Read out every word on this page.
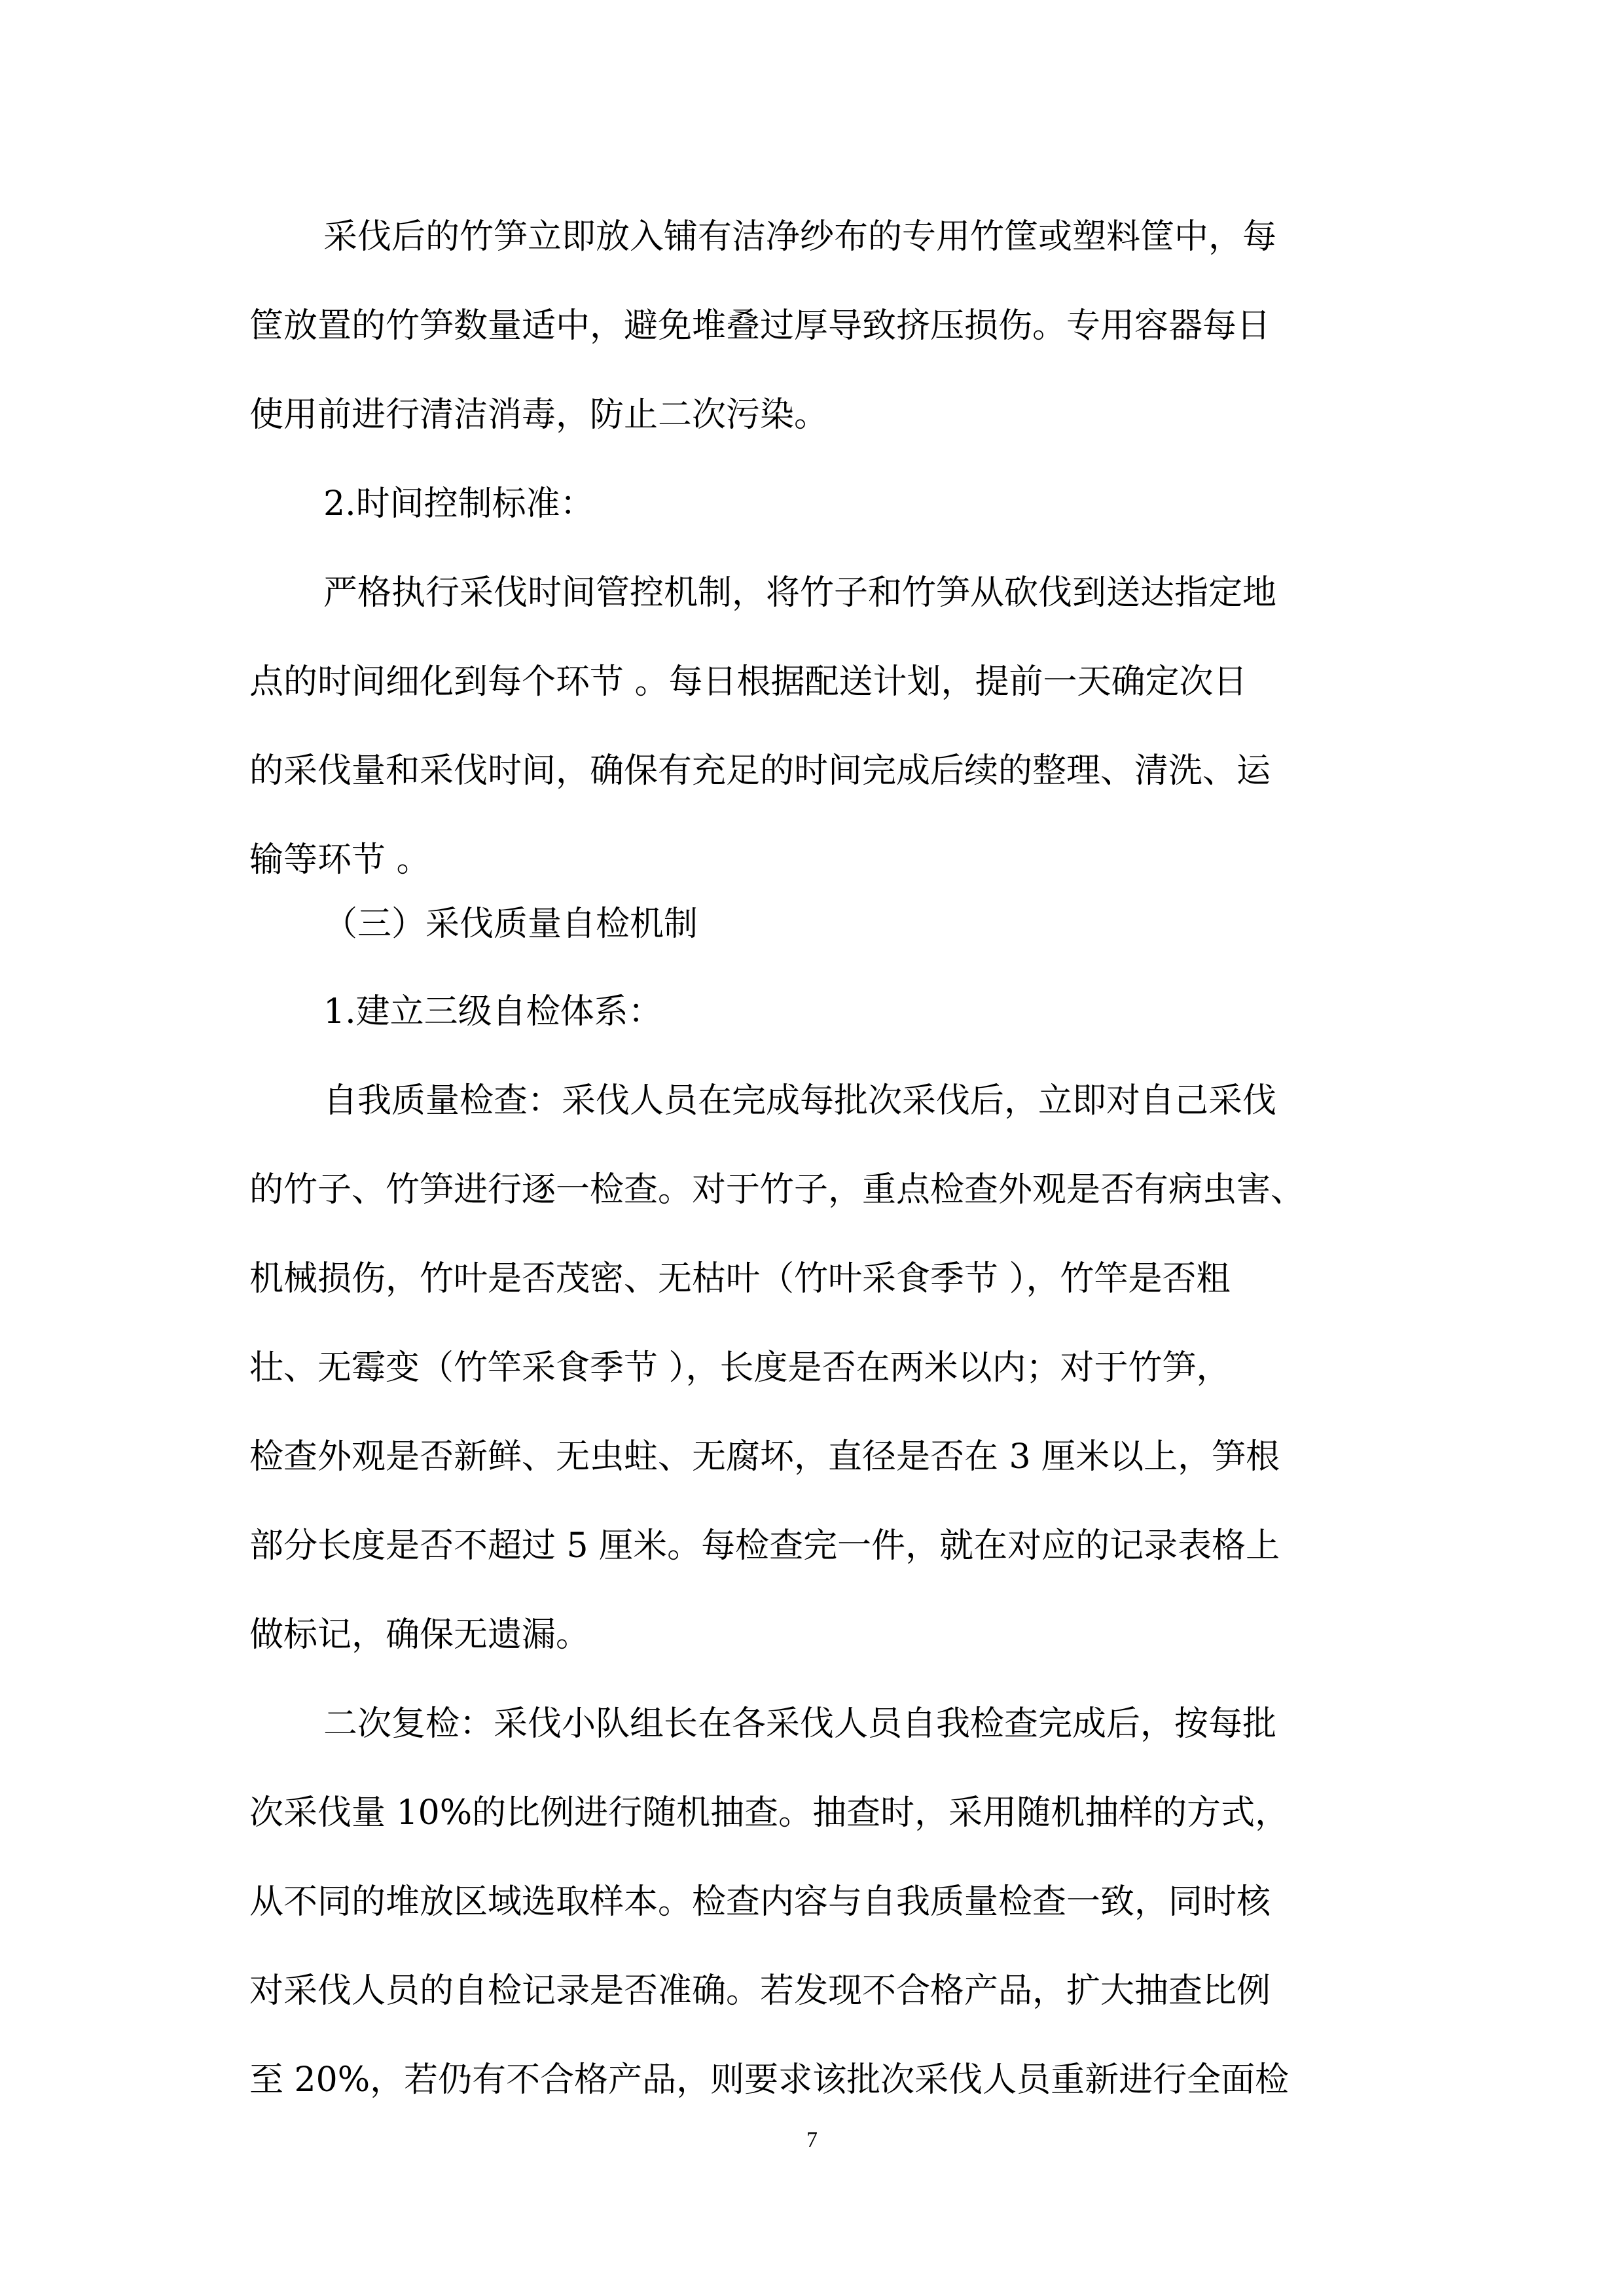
采伐后的竹笋立即放入铺有洁净纱布的专用竹筐或塑料筐中，每
筐放置的竹笋数量适中，避免堆叠过厚导致挤压损伤。专用容器每日
使用前进行清洁消毒，防止二次污染。
2.时间控制标准：
严格执行采伐时间管控机制，将竹子和竹笋从砍伐到送达指定地
点的时间细化到每个环节 。每日根据配送计划，提前一天确定次日
的采伐量和采伐时间，确保有充足的时间完成后续的整理、清洗、运
输等环节 。
（三）采伐质量自检机制
1.建立三级自检体系：
自我质量检查：采伐人员在完成每批次采伐后，立即对自己采伐
的竹子、竹笋进行逐一检查。对于竹子，重点检查外观是否有病虫害、
机械损伤，竹叶是否茂密、无枯叶（竹叶采食季节 ），竹竿是否粗
壮、无霉变（竹竿采食季节 ），长度是否在两米以内；对于竹笋，
检查外观是否新鲜、无虫蛀、无腐坏，直径是否在 3 厘米以上，笋根
部分长度是否不超过 5 厘米。每检查完一件，就在对应的记录表格上
做标记，确保无遗漏。
二次复检：采伐小队组长在各采伐人员自我检查完成后，按每批
次采伐量 10%的比例进行随机抽查。抽查时，采用随机抽样的方式，
从不同的堆放区域选取样本。检查内容与自我质量检查一致，同时核
对采伐人员的自检记录是否准确。若发现不合格产品，扩大抽查比例
至 20%，若仍有不合格产品，则要求该批次采伐人员重新进行全面检
7
